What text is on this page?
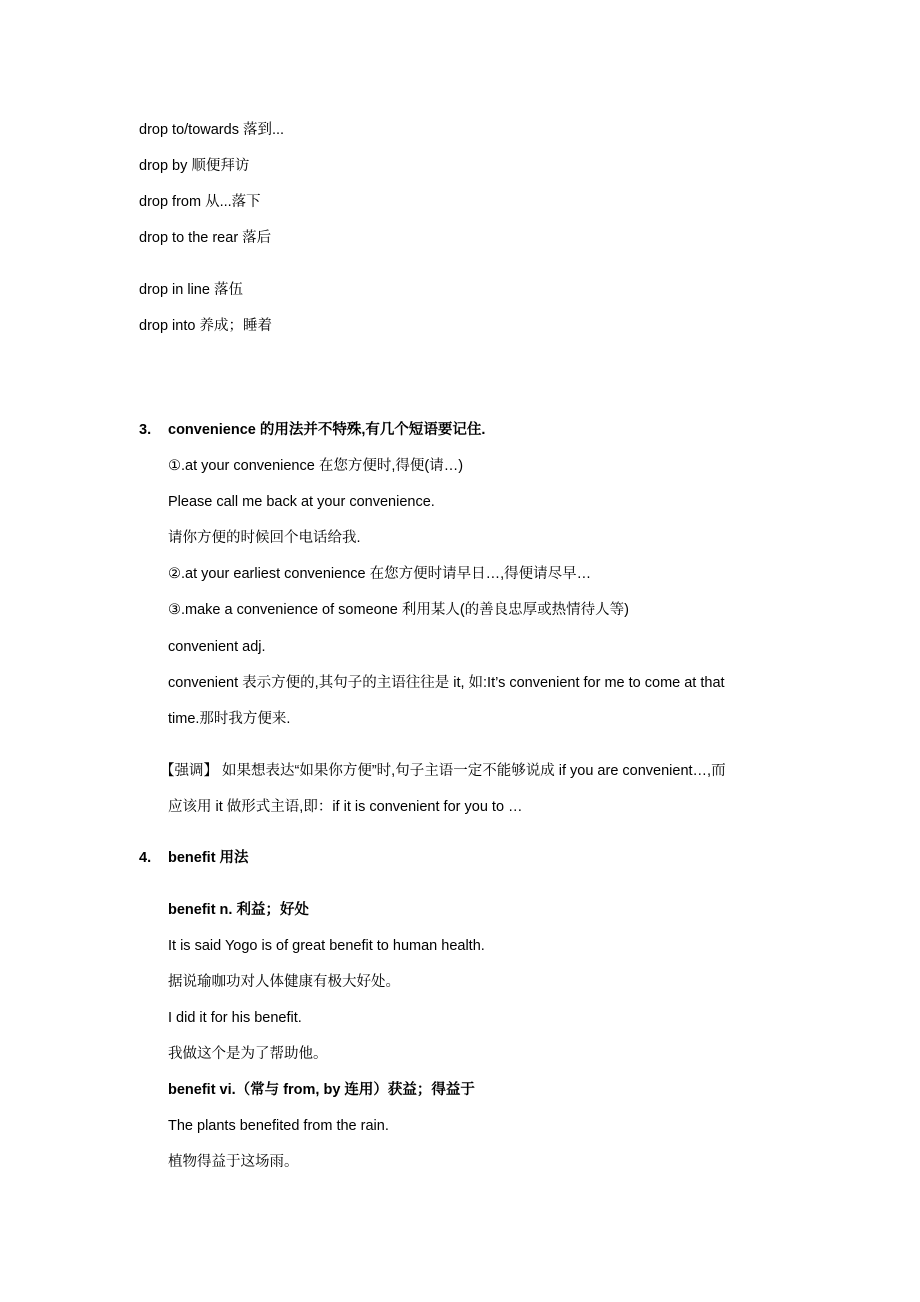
drop to/towards 落到...
drop by 顺便拜访
drop from 从...落下
drop to the rear 落后
drop in line 落伍
drop into 养成；睡着
3. convenience 的用法并不特殊,有几个短语要记住.
①.at your convenience 在您方便时,得便(请…)
Please call me back at your convenience.
请你方便的时候回个电话给我.
②.at your earliest convenience 在您方便时请早日…,得便请尽早…
③.make a convenience of someone 利用某人(的善良忠厚或热情待人等)
convenient adj.
convenient 表示方便的,其句子的主语往往是 it, 如:It’s convenient for me to come at that
time.那时我方便来.
【强调】 如果想表达“如果你方便”时,句子主语一定不能够说成 if you are convenient…,而
应该用 it 做形式主语,即：if it is convenient for you to …
4. benefit 用法
benefit n. 利益；好处
It is said Yogo is of great benefit to human health.
据说瑜咖功对人体健康有极大好处。
I did it for his benefit.
我做这个是为了帮助他。
benefit vi.（常与 from, by 连用）获益；得益于
The plants benefited from the rain.
植物得益于这场雨。
